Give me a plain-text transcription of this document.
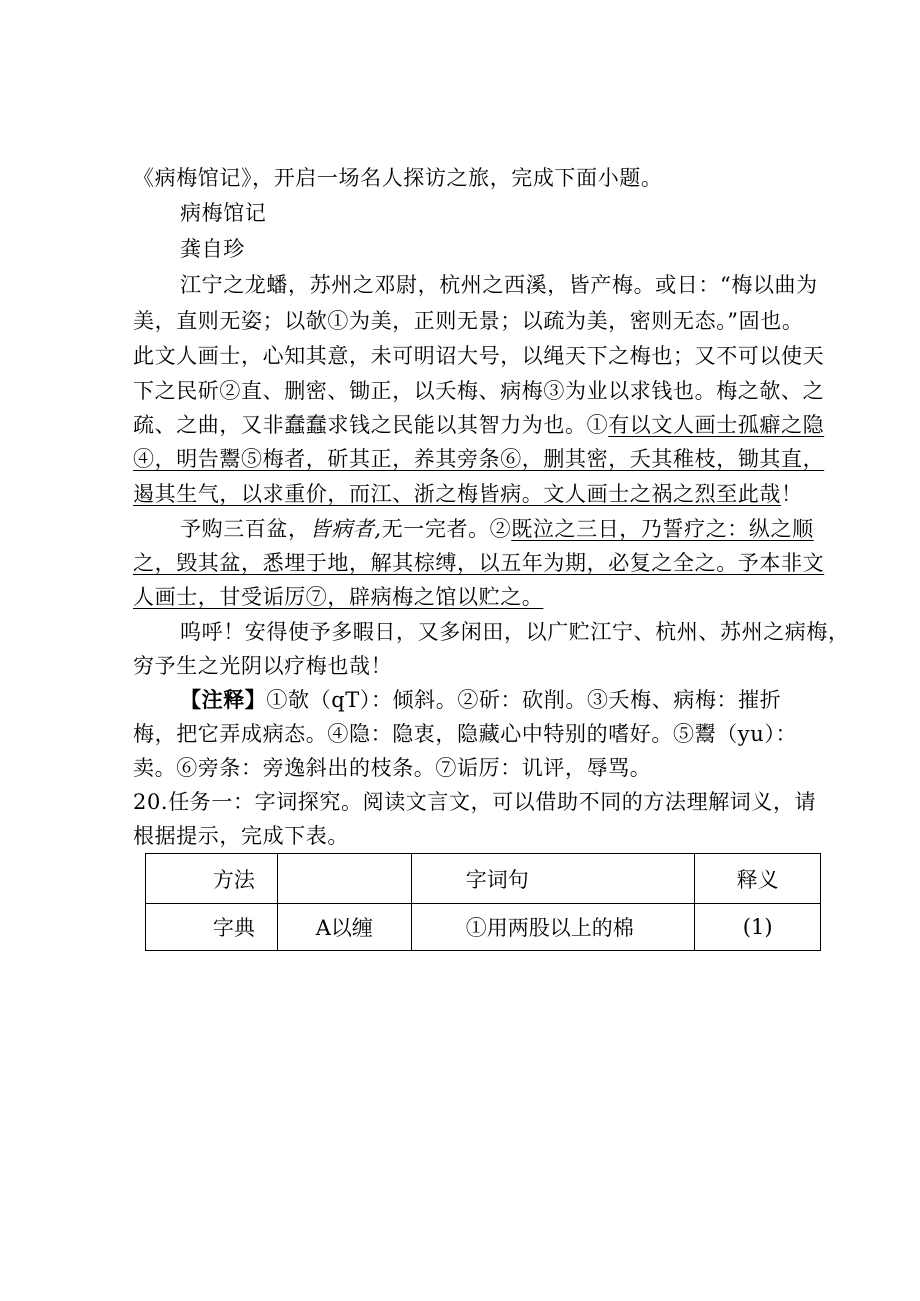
《病梅馆记》，开启一场名人探访之旅，完成下面小题。
病梅馆记
龚自珍
江宁之龙蟠，苏州之邓尉，杭州之西溪，皆产梅。或日：“梅以曲为
美，直则无姿；以欹①为美，正则无景；以疏为美，密则无态。”固也。
此文人画士，心知其意，未可明诏大号，以绳天下之梅也；又不可以使天
下之民斫②直、删密、锄正，以夭梅、病梅③为业以求钱也。梅之欹、之
疏、之曲，又非蠢蠢求钱之民能以其智力为也。①有以文人画士孤癖之隐
④，明告鬻⑤梅者，斫其正，养其旁条⑥，删其密，夭其稚枝，锄其直，
遏其生气，以求重价，而江、浙之梅皆病。文人画士之祸之烈至此哉！
予购三百盆，皆病者,无一完者。②既泣之三日，乃誓疗之：纵之顺
之，毁其盆，悉埋于地，解其棕缚，以五年为期，必复之全之。予本非文
人画士，甘受诟厉⑦，辟病梅之馆以贮之。
呜呼！安得使予多暇日，又多闲田，以广贮江宁、杭州、苏州之病梅，
穷予生之光阴以疗梅也哉！
【注释】①欹（qT）：倾斜。②斫：砍削。③夭梅、病梅：摧折
梅，把它弄成病态。④隐：隐衷，隐藏心中特别的嗜好。⑤鬻（yu）：
卖。⑥旁条：旁逸斜出的枝条。⑦诟厉：讥评，辱骂。
20.任务一：字词探究。阅读文言文，可以借助不同的方法理解词义，请
根据提示，完成下表。
方法		字词句	释义
字典	A以缠	①用两股以上的棉	(1)
